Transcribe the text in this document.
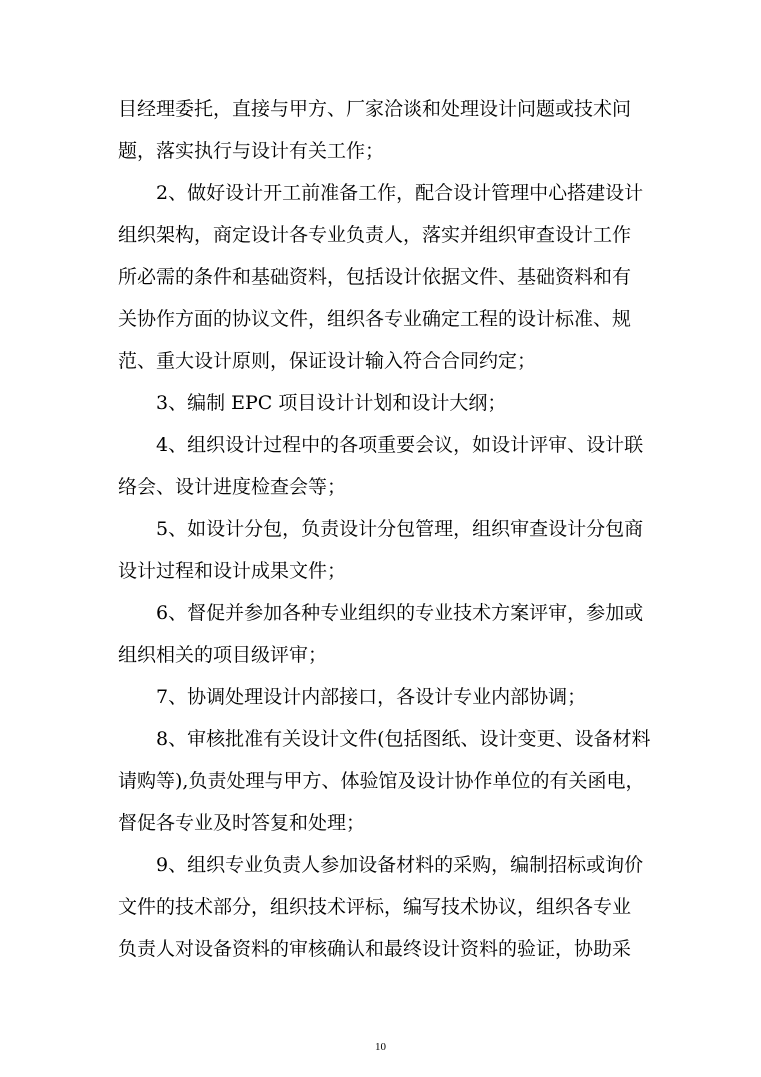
目经理委托，直接与甲方、厂家洽谈和处理设计问题或技术问
题，落实执行与设计有关工作；
2、做好设计开工前准备工作，配合设计管理中心搭建设计
组织架构，商定设计各专业负责人，落实并组织审查设计工作
所必需的条件和基础资料，包括设计依据文件、基础资料和有
关协作方面的协议文件，组织各专业确定工程的设计标准、规
范、重大设计原则，保证设计输入符合合同约定；
3、编制 EPC 项目设计计划和设计大纲；
4、组织设计过程中的各项重要会议，如设计评审、设计联
络会、设计进度检查会等；
5、如设计分包，负责设计分包管理，组织审查设计分包商
设计过程和设计成果文件；
6、督促并参加各种专业组织的专业技术方案评审，参加或
组织相关的项目级评审；
7、协调处理设计内部接口，各设计专业内部协调；
8、审核批准有关设计文件(包括图纸、设计变更、设备材料
请购等),负责处理与甲方、体验馆及设计协作单位的有关函电，
督促各专业及时答复和处理；
9、组织专业负责人参加设备材料的采购，编制招标或询价
文件的技术部分，组织技术评标，编写技术协议，组织各专业
负责人对设备资料的审核确认和最终设计资料的验证，协助采
10
